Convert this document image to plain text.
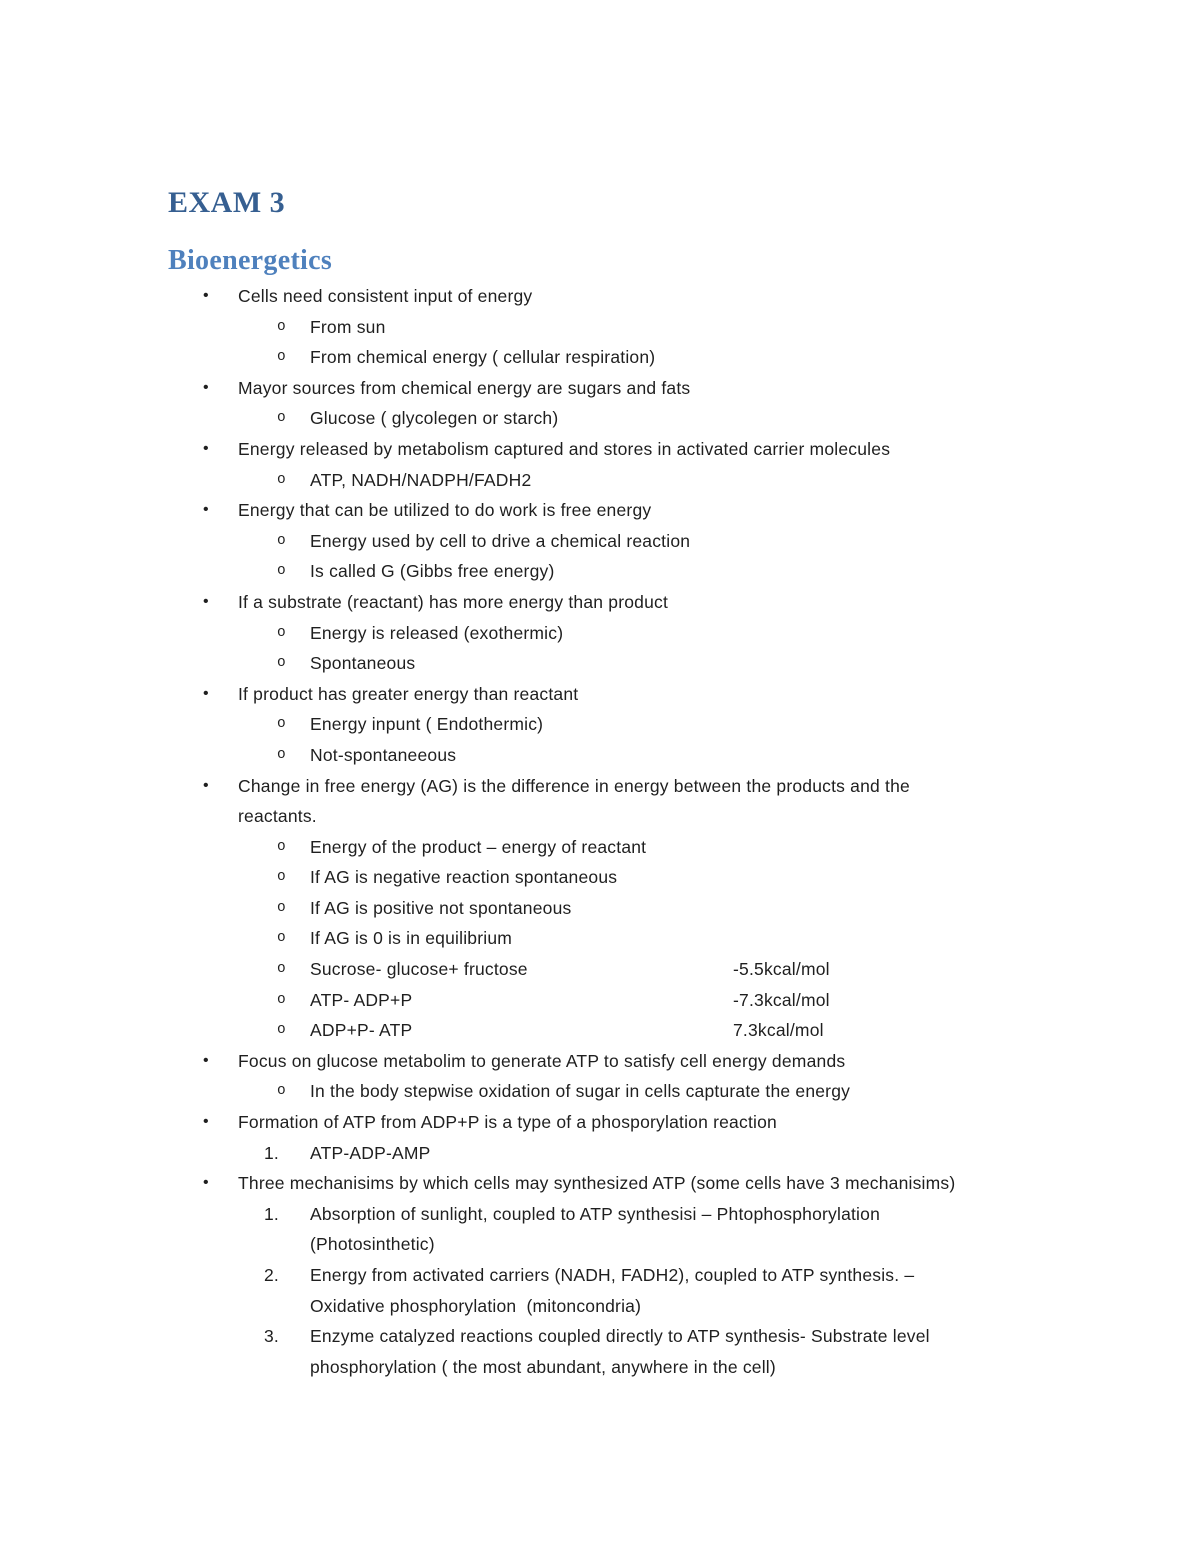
EXAM 3
Bioenergetics
• Cells need consistent input of energy
o From sun
o From chemical energy ( cellular respiration)
• Mayor sources from chemical energy are sugars and fats
o Glucose ( glycolegen or starch)
• Energy released by metabolism captured and stores in activated carrier molecules
o ATP, NADH/NADPH/FADH2
• Energy that can be utilized to do work is free energy
o Energy used by cell to drive a chemical reaction
o Is called G (Gibbs free energy)
• If a substrate (reactant) has more energy than product
o Energy is released (exothermic)
o Spontaneous
• If product has greater energy than reactant
o Energy inpunt ( Endothermic)
o Not-spontaneeous
• Change in free energy (AG) is the difference in energy between the products and the
reactants.
o Energy of the product – energy of reactant
o If AG is negative reaction spontaneous
o If AG is positive not spontaneous
o If AG is 0 is in equilibrium
o Sucrose- glucose+ fructose	-5.5kcal/mol
o ATP- ADP+P	-7.3kcal/mol
o ADP+P- ATP	7.3kcal/mol
• Focus on glucose metabolim to generate ATP to satisfy cell energy demands
o In the body stepwise oxidation of sugar in cells capturate the energy
• Formation of ATP from ADP+P is a type of a phosporylation reaction
1. ATP-ADP-AMP
• Three mechanisims by which cells may synthesized ATP (some cells have 3 mechanisims)
1. Absorption of sunlight, coupled to ATP synthesisi – Phtophosphorylation
(Photosinthetic)
2. Energy from activated carriers (NADH, FADH2), coupled to ATP synthesis. –
Oxidative phosphorylation  (mitoncondria)
3. Enzyme catalyzed reactions coupled directly to ATP synthesis- Substrate level
phosphorylation ( the most abundant, anywhere in the cell)
